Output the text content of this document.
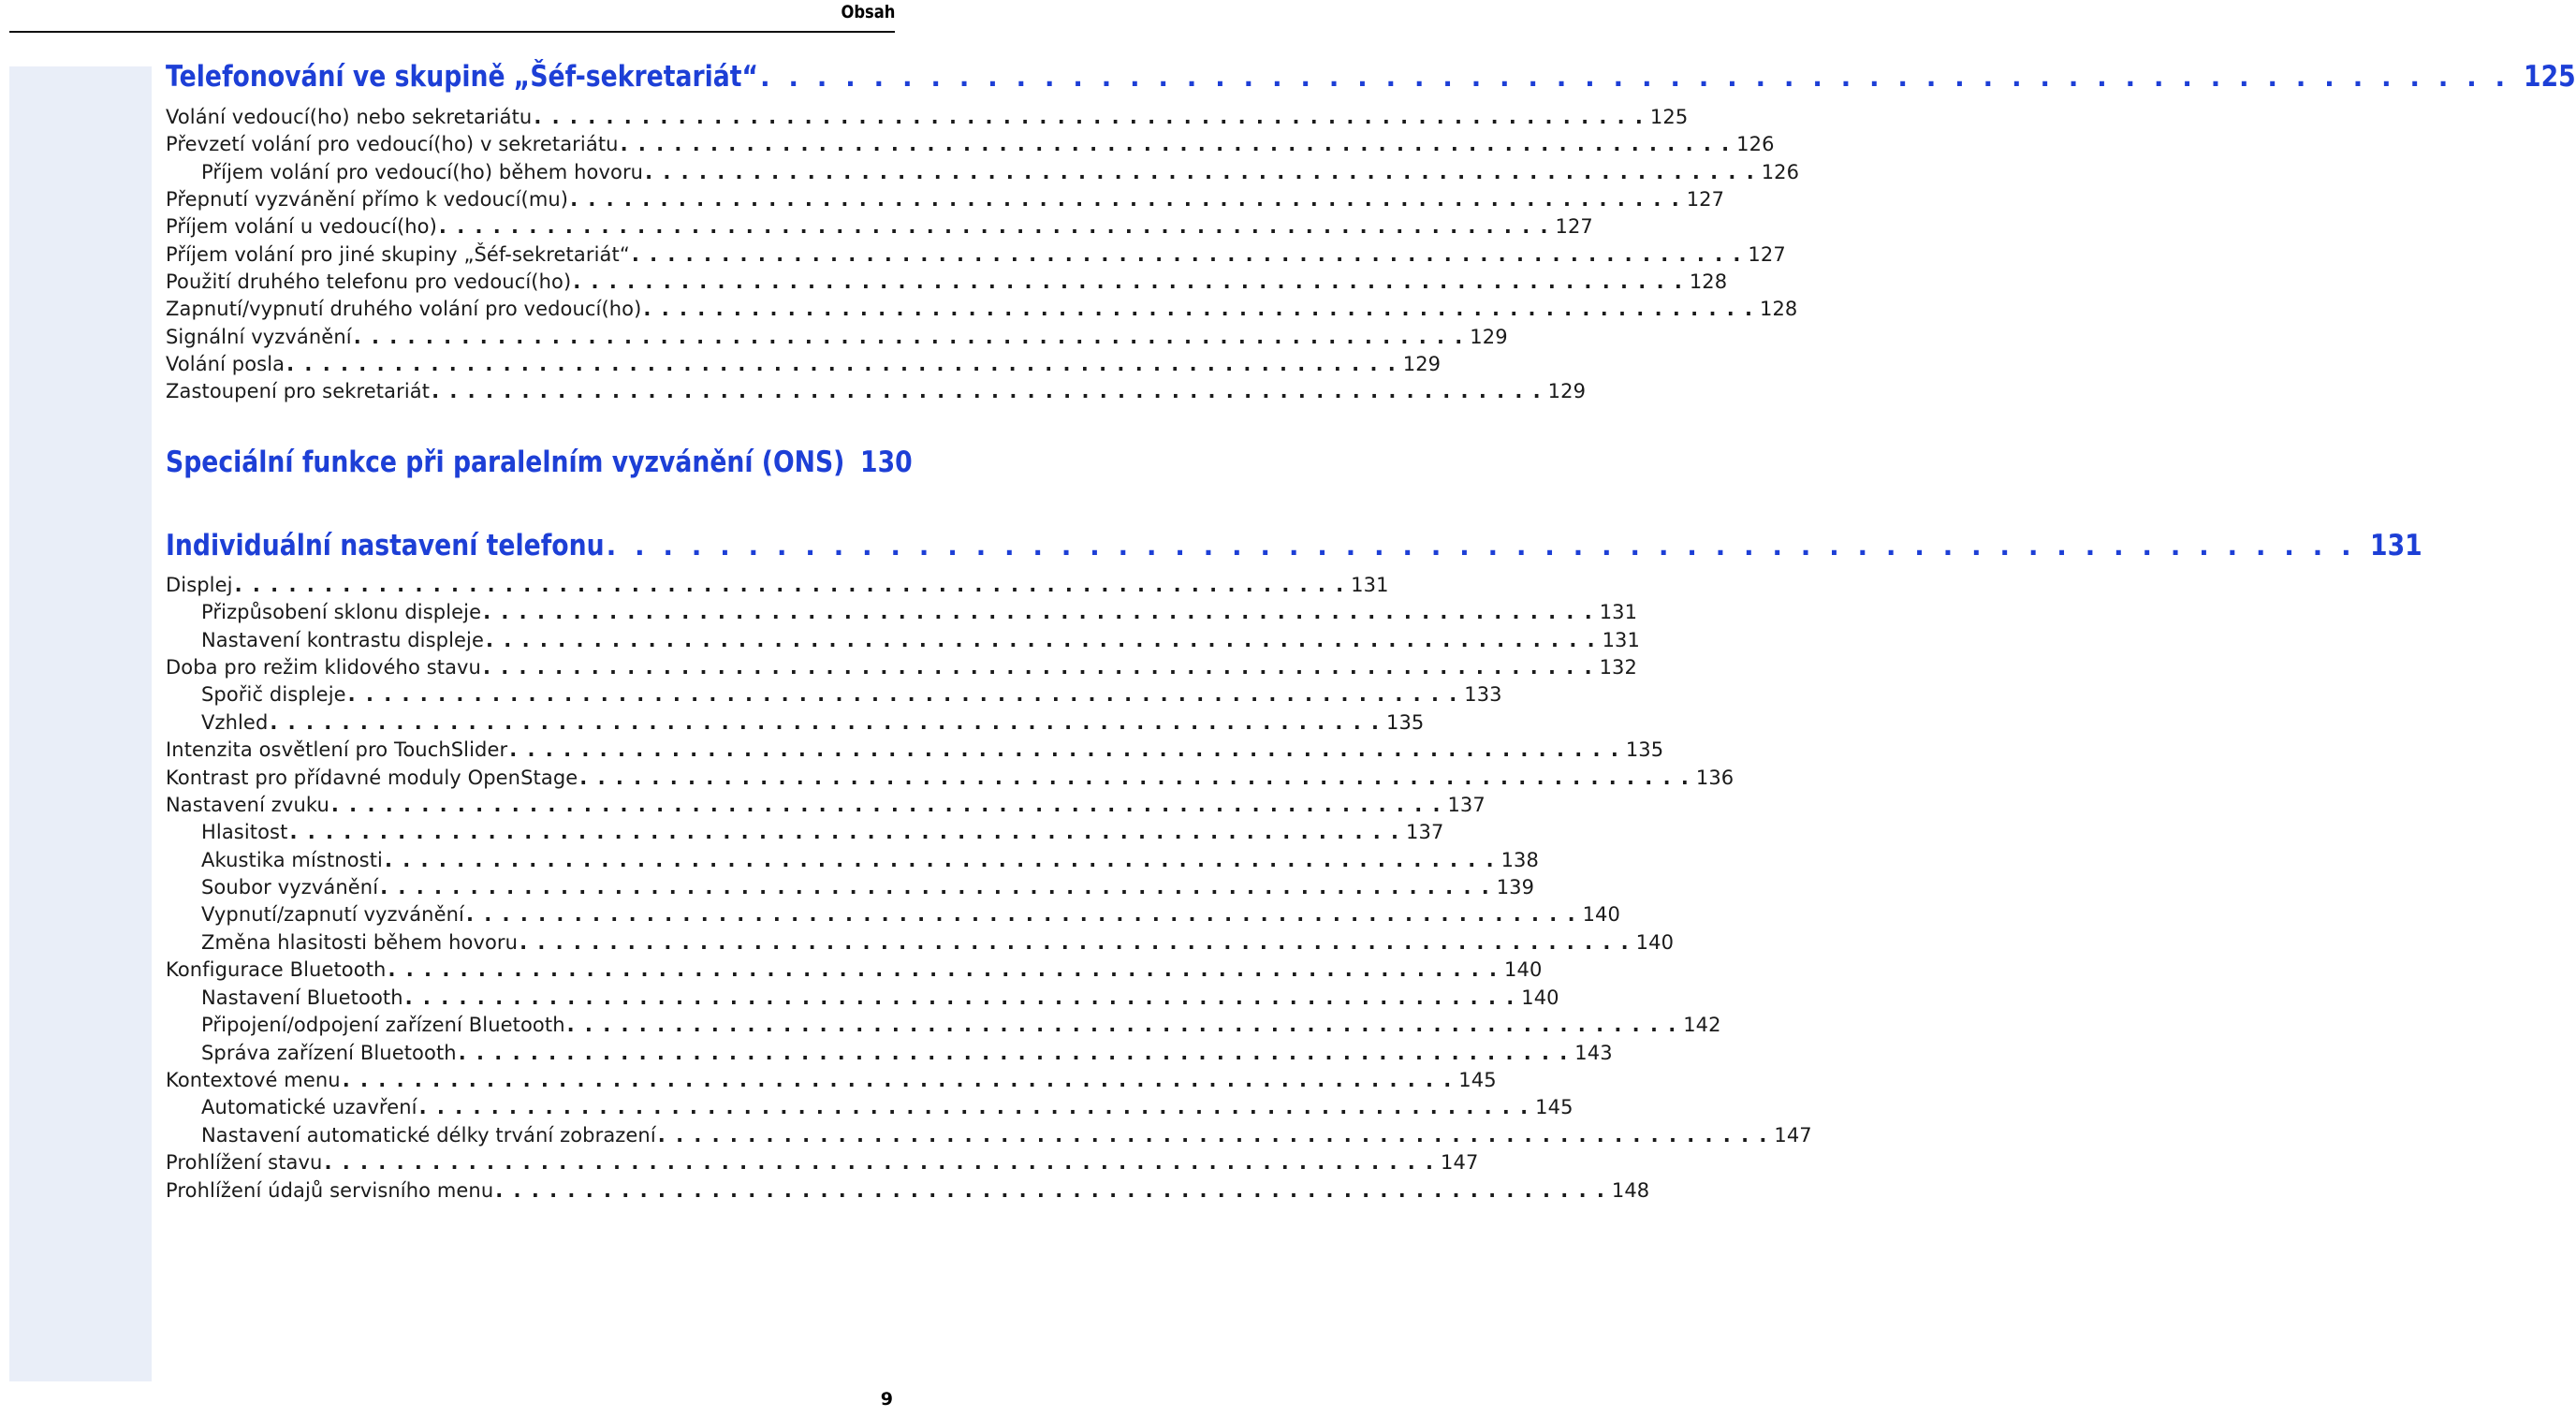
Obsah
Telefonování ve skupině „Šéf-sekretariát“ . . . . . . . . . . . . . . . . . . . . . . . . . . . . . . . . . . . . . . . . . . . . . . . . . . . . . . . . . . . . . . 125
Volání vedoucí(ho) nebo sekretariátu . . . . . . . . . . . . . . . . . . . . . . . . . . . . . . . . . . . . . . . . . . . . . . . . . . . . . . . . . . . . . . 125
Převzetí volání pro vedoucí(ho) v sekretariátu . . . . . . . . . . . . . . . . . . . . . . . . . . . . . . . . . . . . . . . . . . . . . . . . . . . . . . . . . . . . . . 126
Příjem volání pro vedoucí(ho) během hovoru . . . . . . . . . . . . . . . . . . . . . . . . . . . . . . . . . . . . . . . . . . . . . . . . . . . . . . . . . . . . . . 126
Přepnutí vyzvánění přímo k vedoucí(mu) . . . . . . . . . . . . . . . . . . . . . . . . . . . . . . . . . . . . . . . . . . . . . . . . . . . . . . . . . . . . . . 127
Příjem volání u vedoucí(ho) . . . . . . . . . . . . . . . . . . . . . . . . . . . . . . . . . . . . . . . . . . . . . . . . . . . . . . . . . . . . . . 127
Příjem volání pro jiné skupiny „Šéf-sekretariát“ . . . . . . . . . . . . . . . . . . . . . . . . . . . . . . . . . . . . . . . . . . . . . . . . . . . . . . . . . . . . . . 127
Použití druhého telefonu pro vedoucí(ho) . . . . . . . . . . . . . . . . . . . . . . . . . . . . . . . . . . . . . . . . . . . . . . . . . . . . . . . . . . . . . . 128
Zapnutí/vypnutí druhého volání pro vedoucí(ho) . . . . . . . . . . . . . . . . . . . . . . . . . . . . . . . . . . . . . . . . . . . . . . . . . . . . . . . . . . . . . . 128
Signální vyzvánění . . . . . . . . . . . . . . . . . . . . . . . . . . . . . . . . . . . . . . . . . . . . . . . . . . . . . . . . . . . . . . 129
Volání posla . . . . . . . . . . . . . . . . . . . . . . . . . . . . . . . . . . . . . . . . . . . . . . . . . . . . . . . . . . . . . . 129
Zastoupení pro sekretariát . . . . . . . . . . . . . . . . . . . . . . . . . . . . . . . . . . . . . . . . . . . . . . . . . . . . . . . . . . . . . . 129
Speciální funkce při paralelním vyzvánění (ONS) 130
Individuální nastavení telefonu . . . . . . . . . . . . . . . . . . . . . . . . . . . . . . . . . . . . . . . . . . . . . . . . . . . . . . . . . . . . . . 131
Displej . . . . . . . . . . . . . . . . . . . . . . . . . . . . . . . . . . . . . . . . . . . . . . . . . . . . . . . . . . . . . . 131
Přizpůsobení sklonu displeje . . . . . . . . . . . . . . . . . . . . . . . . . . . . . . . . . . . . . . . . . . . . . . . . . . . . . . . . . . . . . . 131
Nastavení kontrastu displeje . . . . . . . . . . . . . . . . . . . . . . . . . . . . . . . . . . . . . . . . . . . . . . . . . . . . . . . . . . . . . . 131
Doba pro režim klidového stavu . . . . . . . . . . . . . . . . . . . . . . . . . . . . . . . . . . . . . . . . . . . . . . . . . . . . . . . . . . . . . . 132
Spořič displeje . . . . . . . . . . . . . . . . . . . . . . . . . . . . . . . . . . . . . . . . . . . . . . . . . . . . . . . . . . . . . . 133
Vzhled . . . . . . . . . . . . . . . . . . . . . . . . . . . . . . . . . . . . . . . . . . . . . . . . . . . . . . . . . . . . . . 135
Intenzita osvětlení pro TouchSlider . . . . . . . . . . . . . . . . . . . . . . . . . . . . . . . . . . . . . . . . . . . . . . . . . . . . . . . . . . . . . . 135
Kontrast pro přídavné moduly OpenStage . . . . . . . . . . . . . . . . . . . . . . . . . . . . . . . . . . . . . . . . . . . . . . . . . . . . . . . . . . . . . . 136
Nastavení zvuku . . . . . . . . . . . . . . . . . . . . . . . . . . . . . . . . . . . . . . . . . . . . . . . . . . . . . . . . . . . . . . 137
Hlasitost . . . . . . . . . . . . . . . . . . . . . . . . . . . . . . . . . . . . . . . . . . . . . . . . . . . . . . . . . . . . . . 137
Akustika místnosti . . . . . . . . . . . . . . . . . . . . . . . . . . . . . . . . . . . . . . . . . . . . . . . . . . . . . . . . . . . . . . 138
Soubor vyzvánění . . . . . . . . . . . . . . . . . . . . . . . . . . . . . . . . . . . . . . . . . . . . . . . . . . . . . . . . . . . . . . 139
Vypnutí/zapnutí vyzvánění . . . . . . . . . . . . . . . . . . . . . . . . . . . . . . . . . . . . . . . . . . . . . . . . . . . . . . . . . . . . . . 140
Změna hlasitosti během hovoru . . . . . . . . . . . . . . . . . . . . . . . . . . . . . . . . . . . . . . . . . . . . . . . . . . . . . . . . . . . . . . 140
Konfigurace Bluetooth . . . . . . . . . . . . . . . . . . . . . . . . . . . . . . . . . . . . . . . . . . . . . . . . . . . . . . . . . . . . . . 140
Nastavení Bluetooth . . . . . . . . . . . . . . . . . . . . . . . . . . . . . . . . . . . . . . . . . . . . . . . . . . . . . . . . . . . . . . 140
Připojení/odpojení zařízení Bluetooth . . . . . . . . . . . . . . . . . . . . . . . . . . . . . . . . . . . . . . . . . . . . . . . . . . . . . . . . . . . . . . 142
Správa zařízení Bluetooth . . . . . . . . . . . . . . . . . . . . . . . . . . . . . . . . . . . . . . . . . . . . . . . . . . . . . . . . . . . . . . 143
Kontextové menu . . . . . . . . . . . . . . . . . . . . . . . . . . . . . . . . . . . . . . . . . . . . . . . . . . . . . . . . . . . . . . 145
Automatické uzavření . . . . . . . . . . . . . . . . . . . . . . . . . . . . . . . . . . . . . . . . . . . . . . . . . . . . . . . . . . . . . . 145
Nastavení automatické délky trvání zobrazení . . . . . . . . . . . . . . . . . . . . . . . . . . . . . . . . . . . . . . . . . . . . . . . . . . . . . . . . . . . . . . 147
Prohlížení stavu . . . . . . . . . . . . . . . . . . . . . . . . . . . . . . . . . . . . . . . . . . . . . . . . . . . . . . . . . . . . . . 147
Prohlížení údajů servisního menu . . . . . . . . . . . . . . . . . . . . . . . . . . . . . . . . . . . . . . . . . . . . . . . . . . . . . . . . . . . . . . 148
9
